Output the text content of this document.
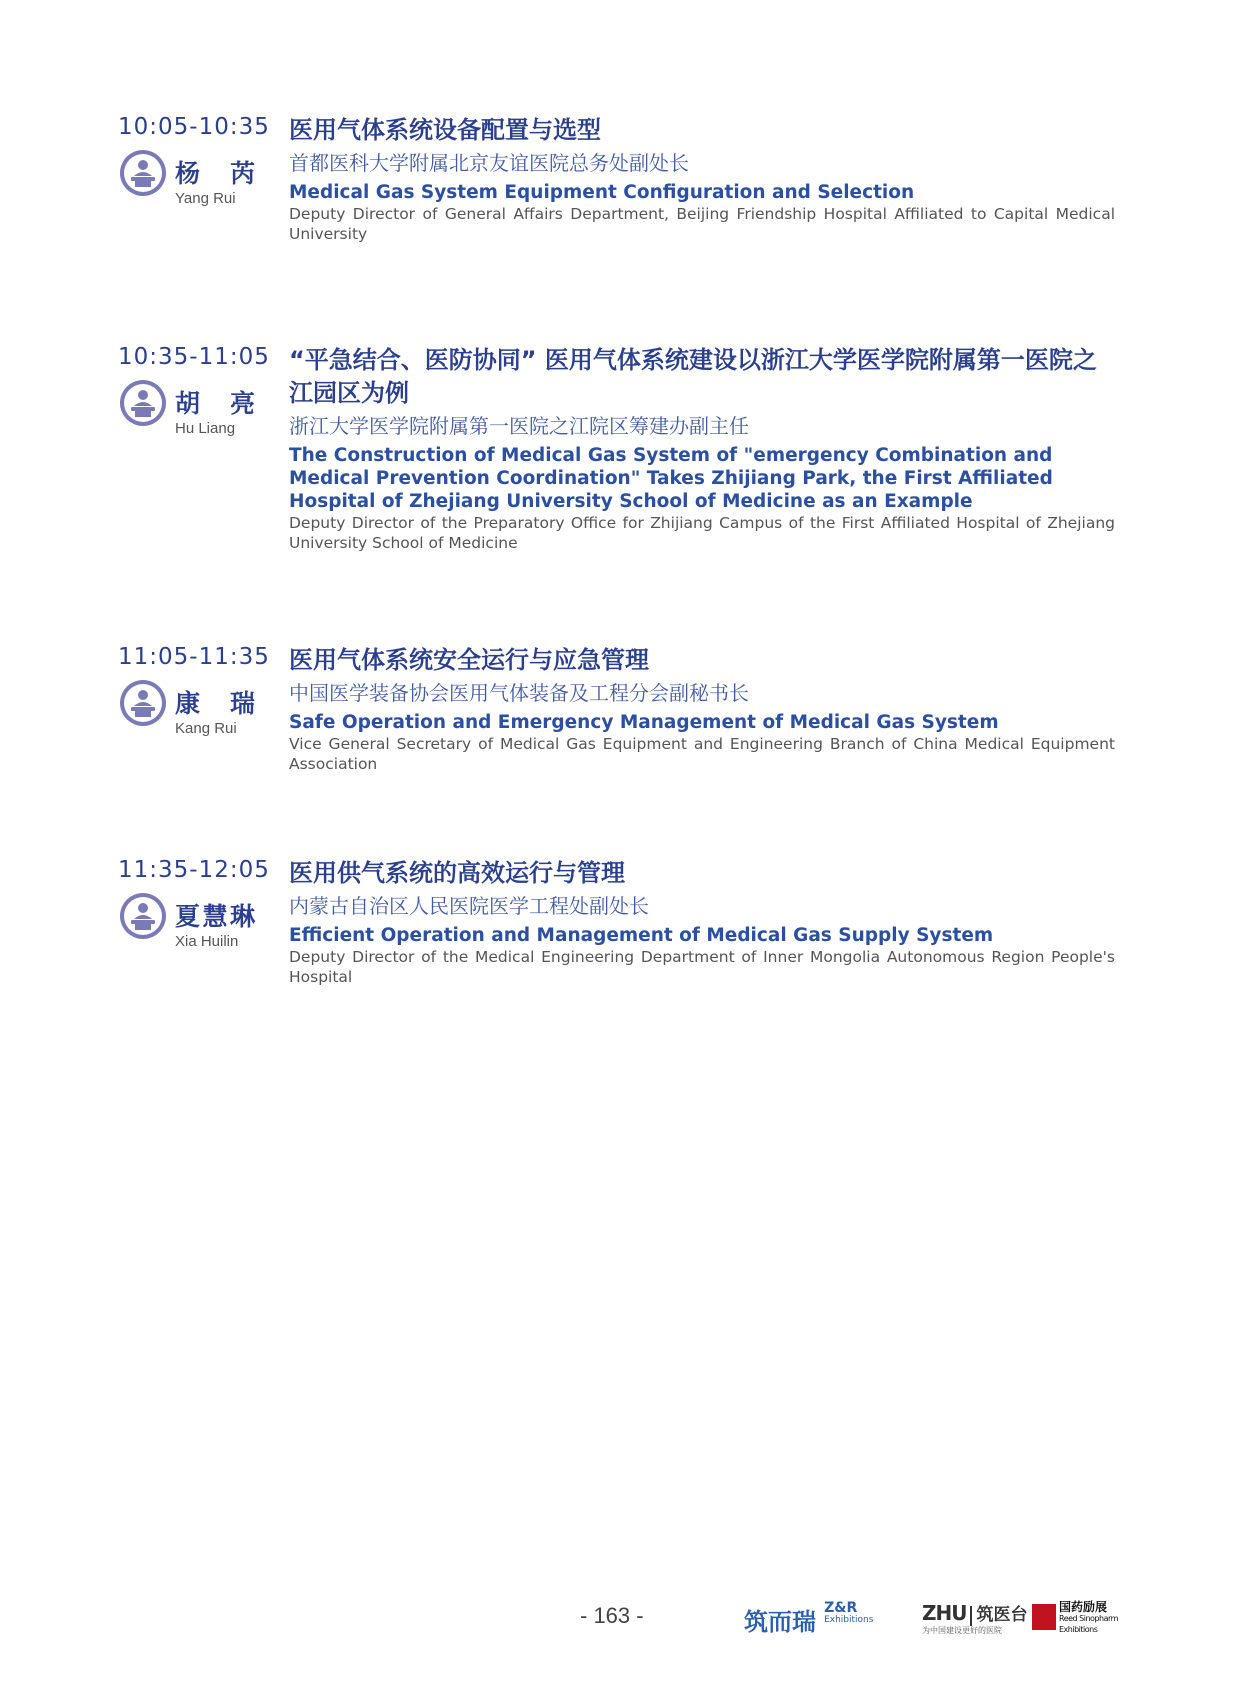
10:05-10:35
杨 芮
Yang Rui

医用气体系统设备配置与选型

首都医科大学附属北京友谊医院总务处副处长

Medical Gas System Equipment Configuration and Selection

Deputy Director of General Affairs Department, Beijing Friendship Hospital Affiliated to Capital Medical University

10:35-11:05
胡 亮
Hu Liang

“平急结合、医防协同” 医用气体系统建设以浙江大学医学院附属第一医院之江园区为例

浙江大学医学院附属第一医院之江院区筹建办副主任

The Construction of Medical Gas System of "emergency Combination and Medical Prevention Coordination" Takes Zhijiang Park, the First Affiliated Hospital of Zhejiang University School of Medicine as an Example

Deputy Director of the Preparatory Office for Zhijiang Campus of the First Affiliated Hospital of Zhejiang University School of Medicine

11:05-11:35
康 瑞
Kang Rui

医用气体系统安全运行与应急管理

中国医学装备协会医用气体装备及工程分会副秘书长

Safe Operation and Emergency Management of Medical Gas System

Vice General Secretary of Medical Gas Equipment and Engineering Branch of China Medical Equipment Association

11:35-12:05
夏慧琳
Xia Huilin

医用供气系统的高效运行与管理

内蒙古自治区人民医院医学工程处副处长

Efficient Operation and Management of Medical Gas Supply System

Deputy Director of the Medical Engineering Department of Inner Mongolia Autonomous Region People's Hospital

- 163 -	筑而瑞 Z&R
Exhibitions ZHU 筑医台
为中国建设更好的医院
国药励展
Reed Sinopharm
Exhibitions
